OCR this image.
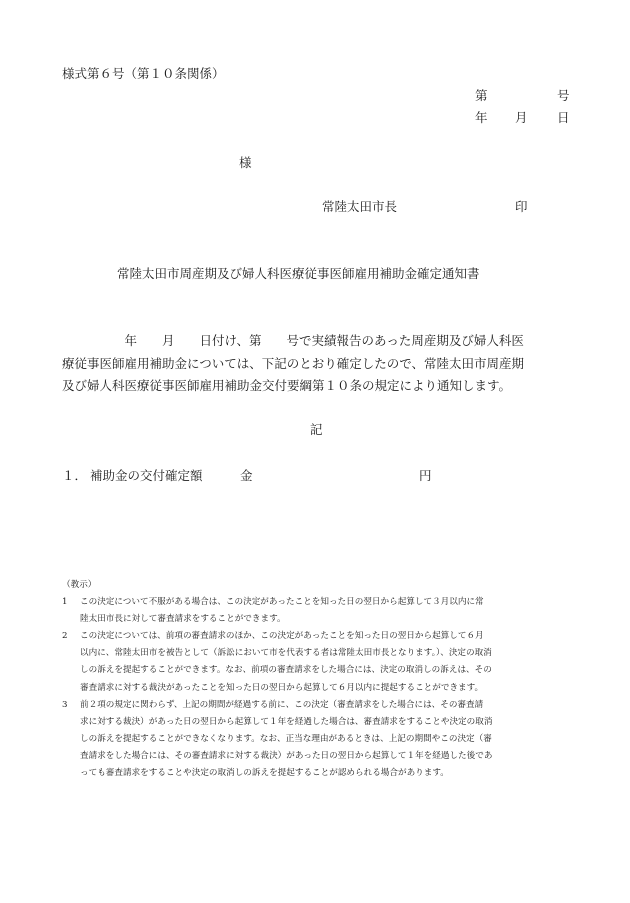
様式第６号（第１０条関係）
第	号
年 月 日
様
常陸太田市長	印
常陸太田市周産期及び婦人科医療従事医師雇用補助金確定通知書

　　　　　年　　月　　日付け、第　　号で実績報告のあった周産期及び婦人科医

療従事医師雇用補助金については、下記のとおり確定したので、常陸太田市周産期

及び婦人科医療従事医師雇用補助金交付要綱第１０条の規定により通知します。

記
１． 補助金の交付確定額	金	円
（教示）
1	この決定について不服がある場合は、この決定があったことを知った日の翌日から起算して３月以内に常
陸太田市長に対して審査請求をすることができます。
2	この決定については、前項の審査請求のほか、この決定があったことを知った日の翌日から起算して６月
以内に、常陸太田市を被告として（訴訟において市を代表する者は常陸太田市長となります。）、決定の取消
しの訴えを提起することができます。なお、前項の審査請求をした場合には、決定の取消しの訴えは、その
審査請求に対する裁決があったことを知った日の翌日から起算して６月以内に提起することができます。
3	前２項の規定に関わらず、上記の期間が経過する前に、この決定（審査請求をした場合には、その審査請
求に対する裁決）があった日の翌日から起算して１年を経過した場合は、審査請求をすることや決定の取消
しの訴えを提起することができなくなります。なお、正当な理由があるときは、上記の期間やこの決定（審
査請求をした場合には、その審査請求に対する裁決）があった日の翌日から起算して１年を経過した後であ
っても審査請求をすることや決定の取消しの訴えを提起することが認められる場合があります。
